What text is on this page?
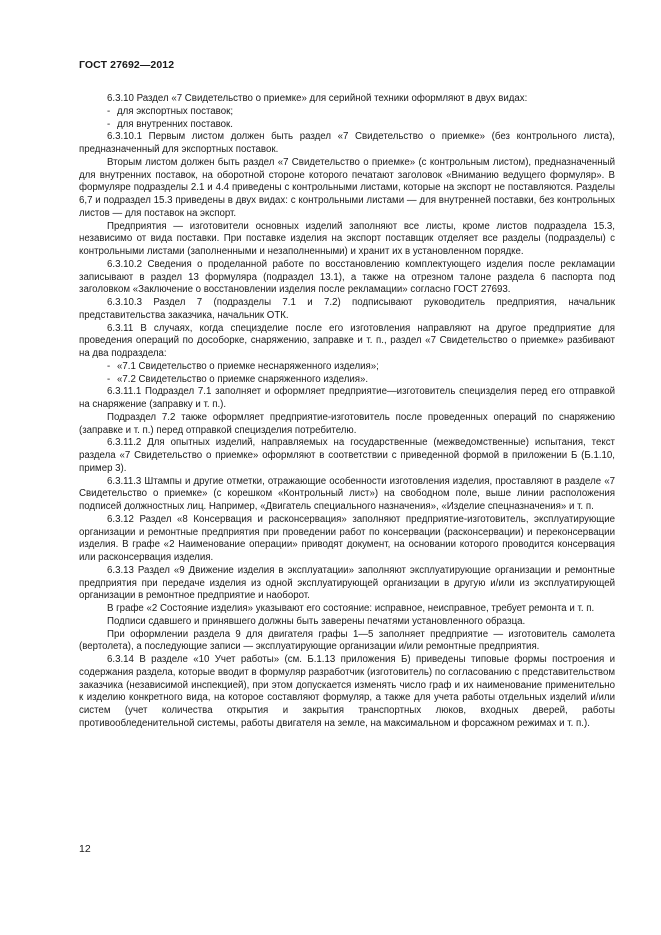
ГОСТ 27692—2012

6.3.10 Раздел «7 Свидетельство о приемке» для серийной техники оформляют в двух видах:

- для экспортных поставок;

- для внутренних поставок.

6.3.10.1 Первым листом должен быть раздел «7 Свидетельство о приемке» (без контрольного листа), предназначенный для экспортных поставок.

Вторым листом должен быть раздел «7 Свидетельство о приемке» (с контрольным листом), предназначенный для внутренних поставок, на оборотной стороне которого печатают заголовок «Вниманию ведущего формуляр». В формуляре подразделы 2.1 и 4.4 приведены с контрольными листами, которые на экспорт не поставляются. Разделы 6,7 и подраздел 15.3 приведены в двух видах: с контрольными листами — для внутренней поставки, без контрольных листов — для поставок на экспорт.

Предприятия — изготовители основных изделий заполняют все листы, кроме листов подраздела 15.3, независимо от вида поставки. При поставке изделия на экспорт поставщик отделяет все разделы (подразделы) с контрольными листами (заполненными и незаполненными) и хранит их в установленном порядке.

6.3.10.2 Сведения о проделанной работе по восстановлению комплектующего изделия после рекламации записывают в раздел 13 формуляра (подраздел 13.1), а также на отрезном талоне раздела 6 паспорта под заголовком «Заключение о восстановлении изделия после рекламации» согласно ГОСТ 27693.

6.3.10.3 Раздел 7 (подразделы 7.1 и 7.2) подписывают руководитель предприятия, начальник представительства заказчика, начальник ОТК.

6.3.11 В случаях, когда специзделие после его изготовления направляют на другое предприятие для проведения операций по дособорке, снаряжению, заправке и т. п., раздел «7 Свидетельство о приемке» разбивают на два подраздела:

- «7.1 Свидетельство о приемке неснаряженного изделия»;

- «7.2 Свидетельство о приемке снаряженного изделия».

6.3.11.1 Подраздел 7.1 заполняет и оформляет предприятие—изготовитель специзделия перед его отправкой на снаряжение (заправку и т. п.).

Подраздел 7.2 также оформляет предприятие-изготовитель после проведенных операций по снаряжению (заправке и т. п.) перед отправкой специзделия потребителю.

6.3.11.2 Для опытных изделий, направляемых на государственные (межведомственные) испытания, текст раздела «7 Свидетельство о приемке» оформляют в соответствии с приведенной формой в приложении Б (Б.1.10, пример 3).

6.3.11.3 Штампы и другие отметки, отражающие особенности изготовления изделия, проставляют в разделе «7 Свидетельство о приемке» (с корешком «Контрольный лист») на свободном поле, выше линии расположения подписей должностных лиц. Например, «Двигатель специального назначения», «Изделие спецназначения» и т. п.

6.3.12 Раздел «8 Консервация и расконсервация» заполняют предприятие-изготовитель, эксплуатирующие организации и ремонтные предприятия при проведении работ по консервации (расконсервации) и переконсервации изделия. В графе «2 Наименование операции» приводят документ, на основании которого проводится консервация или расконсервация изделия.

6.3.13 Раздел «9 Движение изделия в эксплуатации» заполняют эксплуатирующие организации и ремонтные предприятия при передаче изделия из одной эксплуатирующей организации в другую и/или из эксплуатирующей организации в ремонтное предприятие и наоборот.

В графе «2 Состояние изделия» указывают его состояние: исправное, неисправное, требует ремонта и т. п.

Подписи сдавшего и принявшего должны быть заверены печатями установленного образца.

При оформлении раздела 9 для двигателя графы 1—5 заполняет предприятие — изготовитель самолета (вертолета), а последующие записи — эксплуатирующие организации и/или ремонтные предприятия.

6.3.14 В разделе «10 Учет работы» (см. Б.1.13 приложения Б) приведены типовые формы построения и содержания раздела, которые вводит в формуляр разработчик (изготовитель) по согласованию с представительством заказчика (независимой инспекцией), при этом допускается изменять число граф и их наименование применительно к изделию конкретного вида, на которое составляют формуляр, а также для учета работы отдельных изделий и/или систем (учет количества открытия и закрытия транспортных люков, входных дверей, работы противообледенительной системы, работы двигателя на земле, на максимальном и форсажном режимах и т. п.).

12
